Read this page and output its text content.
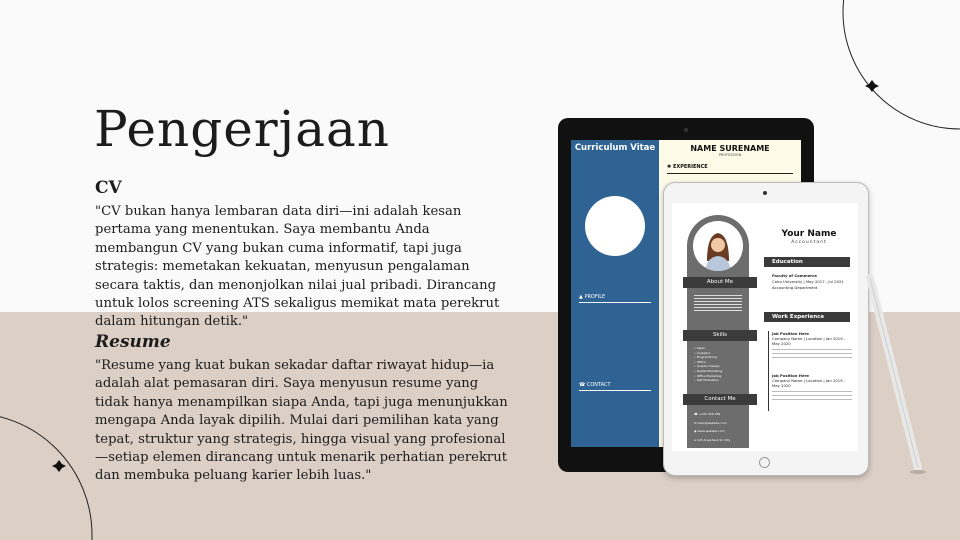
Pengerjaan
CV

"CV bukan hanya lembaran data diri—ini adalah kesan pertama yang menentukan. Saya membantu Anda membangun CV yang bukan cuma informatif, tapi juga strategis: memetakan kekuatan, menyusun pengalaman secara taktis, dan menonjolkan nilai jual pribadi. Dirancang untuk lolos screening ATS sekaligus memikat mata perekrut dalam hitungan detik."

Resume

"Resume yang kuat bukan sekadar daftar riwayat hidup—ia adalah alat pemasaran diri. Saya menyusun resume yang tidak hanya menampilkan siapa Anda, tapi juga menunjukkan mengapa Anda layak dipilih. Mulai dari pemilihan kata yang tepat, struktur yang strategis, hingga visual yang profesional—setiap elemen dirancang untuk menarik perhatian perekrut dan membuka peluang karier lebih luas."

Curriculum Vitae
▲ PROFILE
☎ CONTACT
NAME SURENAME
PROFESSION
✱ EXPERIENCE
About Me
Skills
• Sales
• Analytics
• Programming
• Office
• Graphic Design
• Digital Marketing
• Office Marketing
• Self Motivation
Contact Me
☎ +123 456 789
✉ hello@website.com
◉ www.website.com
⌂ 123 Anywhere St. City
Your Name
Accountant
Education
Faculty of Commerce
Cairo University | May 2017 - Jul 2021
Accounting Department
Work Experience
Job Position Here
Company Name | Location | Jan 2019 - May 2020
Job Position Here
Company Name | Location | Jan 2019 - May 2020
